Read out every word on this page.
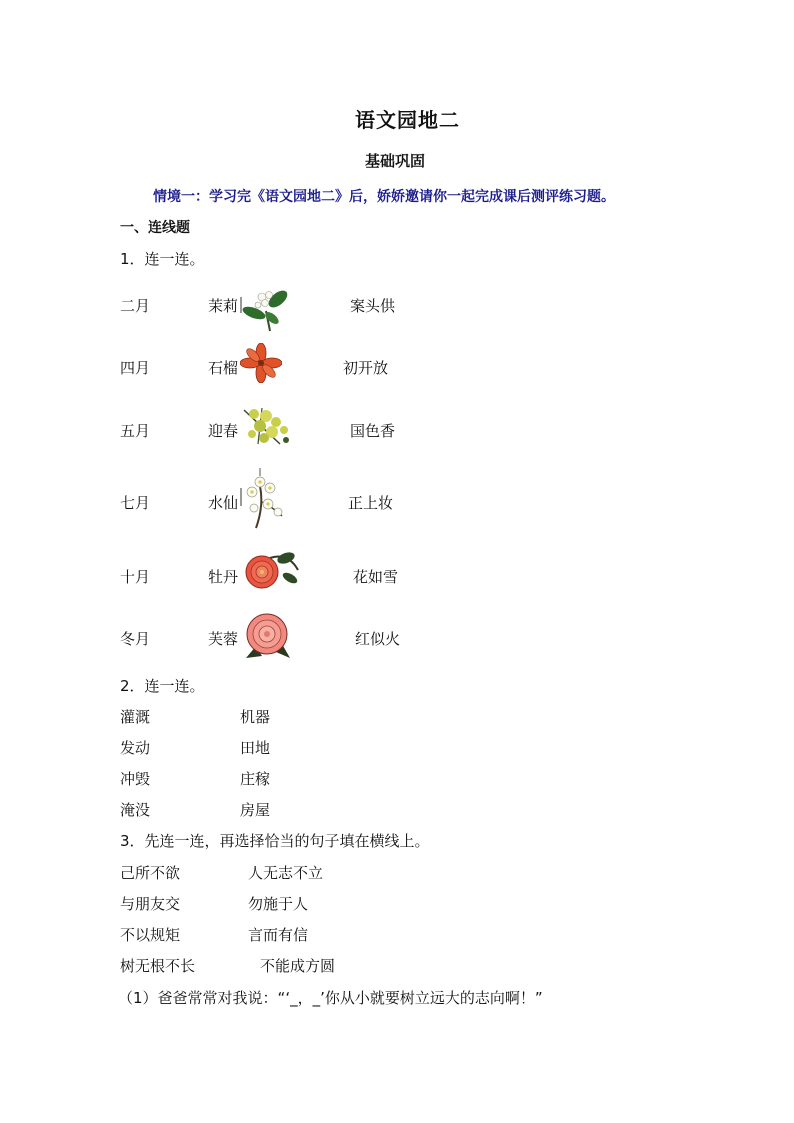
语文园地二
基础巩固
情境一：学习完《语文园地二》后，娇娇邀请你一起完成课后测评练习题。
一、连线题
1．连一连。
二月	茉莉	案头供
四月	石榴	初开放
五月	迎春	国色香
七月	水仙	正上妆
十月	牡丹	花如雪
冬月	芙蓉	红似火
2．连一连。
灌溉	机器
发动	田地
冲毁	庄稼
淹没	房屋
3．先连一连，再选择恰当的句子填在横线上。
己所不欲	人无志不立
与朋友交	勿施于人
不以规矩	言而有信
树无根不长	不能成方圆
（1）爸爸常常对我说：“‘_，_’你从小就要树立远大的志向啊！”
